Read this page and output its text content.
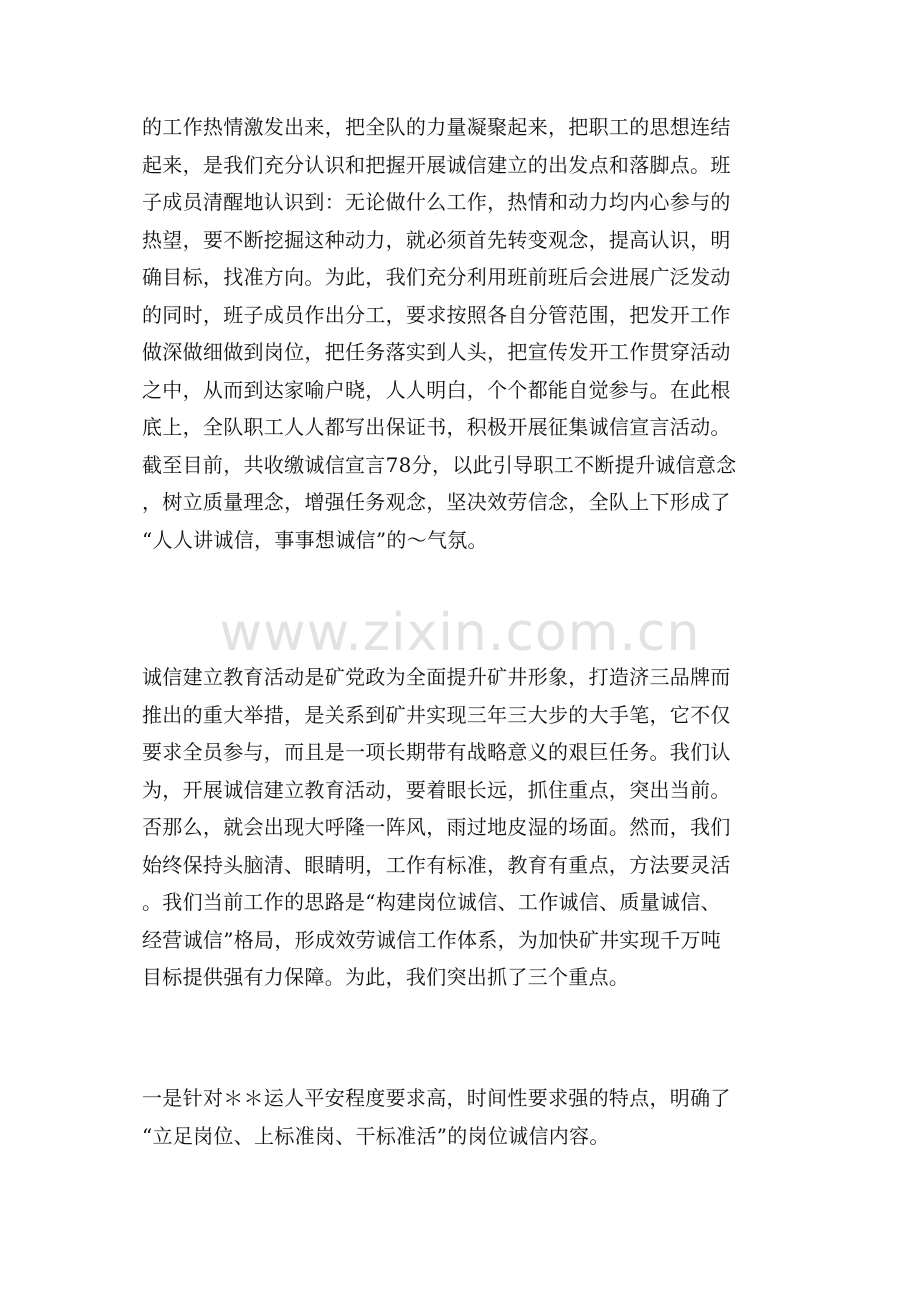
www.zixin.com.cn
的工作热情激发出来，把全队的力量凝聚起来，把职工的思想连结
起来，是我们充分认识和把握开展诚信建立的出发点和落脚点。班
子成员清醒地认识到：无论做什么工作，热情和动力均内心参与的
热望，要不断挖掘这种动力，就必须首先转变观念，提高认识，明
确目标，找准方向。为此，我们充分利用班前班后会进展广泛发动
的同时，班子成员作出分工，要求按照各自分管范围，把发开工作
做深做细做到岗位，把任务落实到人头，把宣传发开工作贯穿活动
之中，从而到达家喻户晓，人人明白，个个都能自觉参与。在此根
底上，全队职工人人都写出保证书，积极开展征集诚信宣言活动。
截至目前，共收缴诚信宣言78分，以此引导职工不断提升诚信意念
，树立质量理念，增强任务观念，坚决效劳信念，全队上下形成了
“人人讲诚信，事事想诚信”的～气氛。
诚信建立教育活动是矿党政为全面提升矿井形象，打造济三品牌而
推出的重大举措，是关系到矿井实现三年三大步的大手笔，它不仅
要求全员参与，而且是一项长期带有战略意义的艰巨任务。我们认
为，开展诚信建立教育活动，要着眼长远，抓住重点，突出当前。
否那么，就会出现大呼隆一阵风，雨过地皮湿的场面。然而，我们
始终保持头脑清、眼睛明，工作有标准，教育有重点，方法要灵活
。我们当前工作的思路是“构建岗位诚信、工作诚信、质量诚信、
经营诚信”格局，形成效劳诚信工作体系，为加快矿井实现千万吨
目标提供强有力保障。为此，我们突出抓了三个重点。
一是针对＊＊运人平安程度要求高，时间性要求强的特点，明确了
“立足岗位、上标准岗、干标准活”的岗位诚信内容。
